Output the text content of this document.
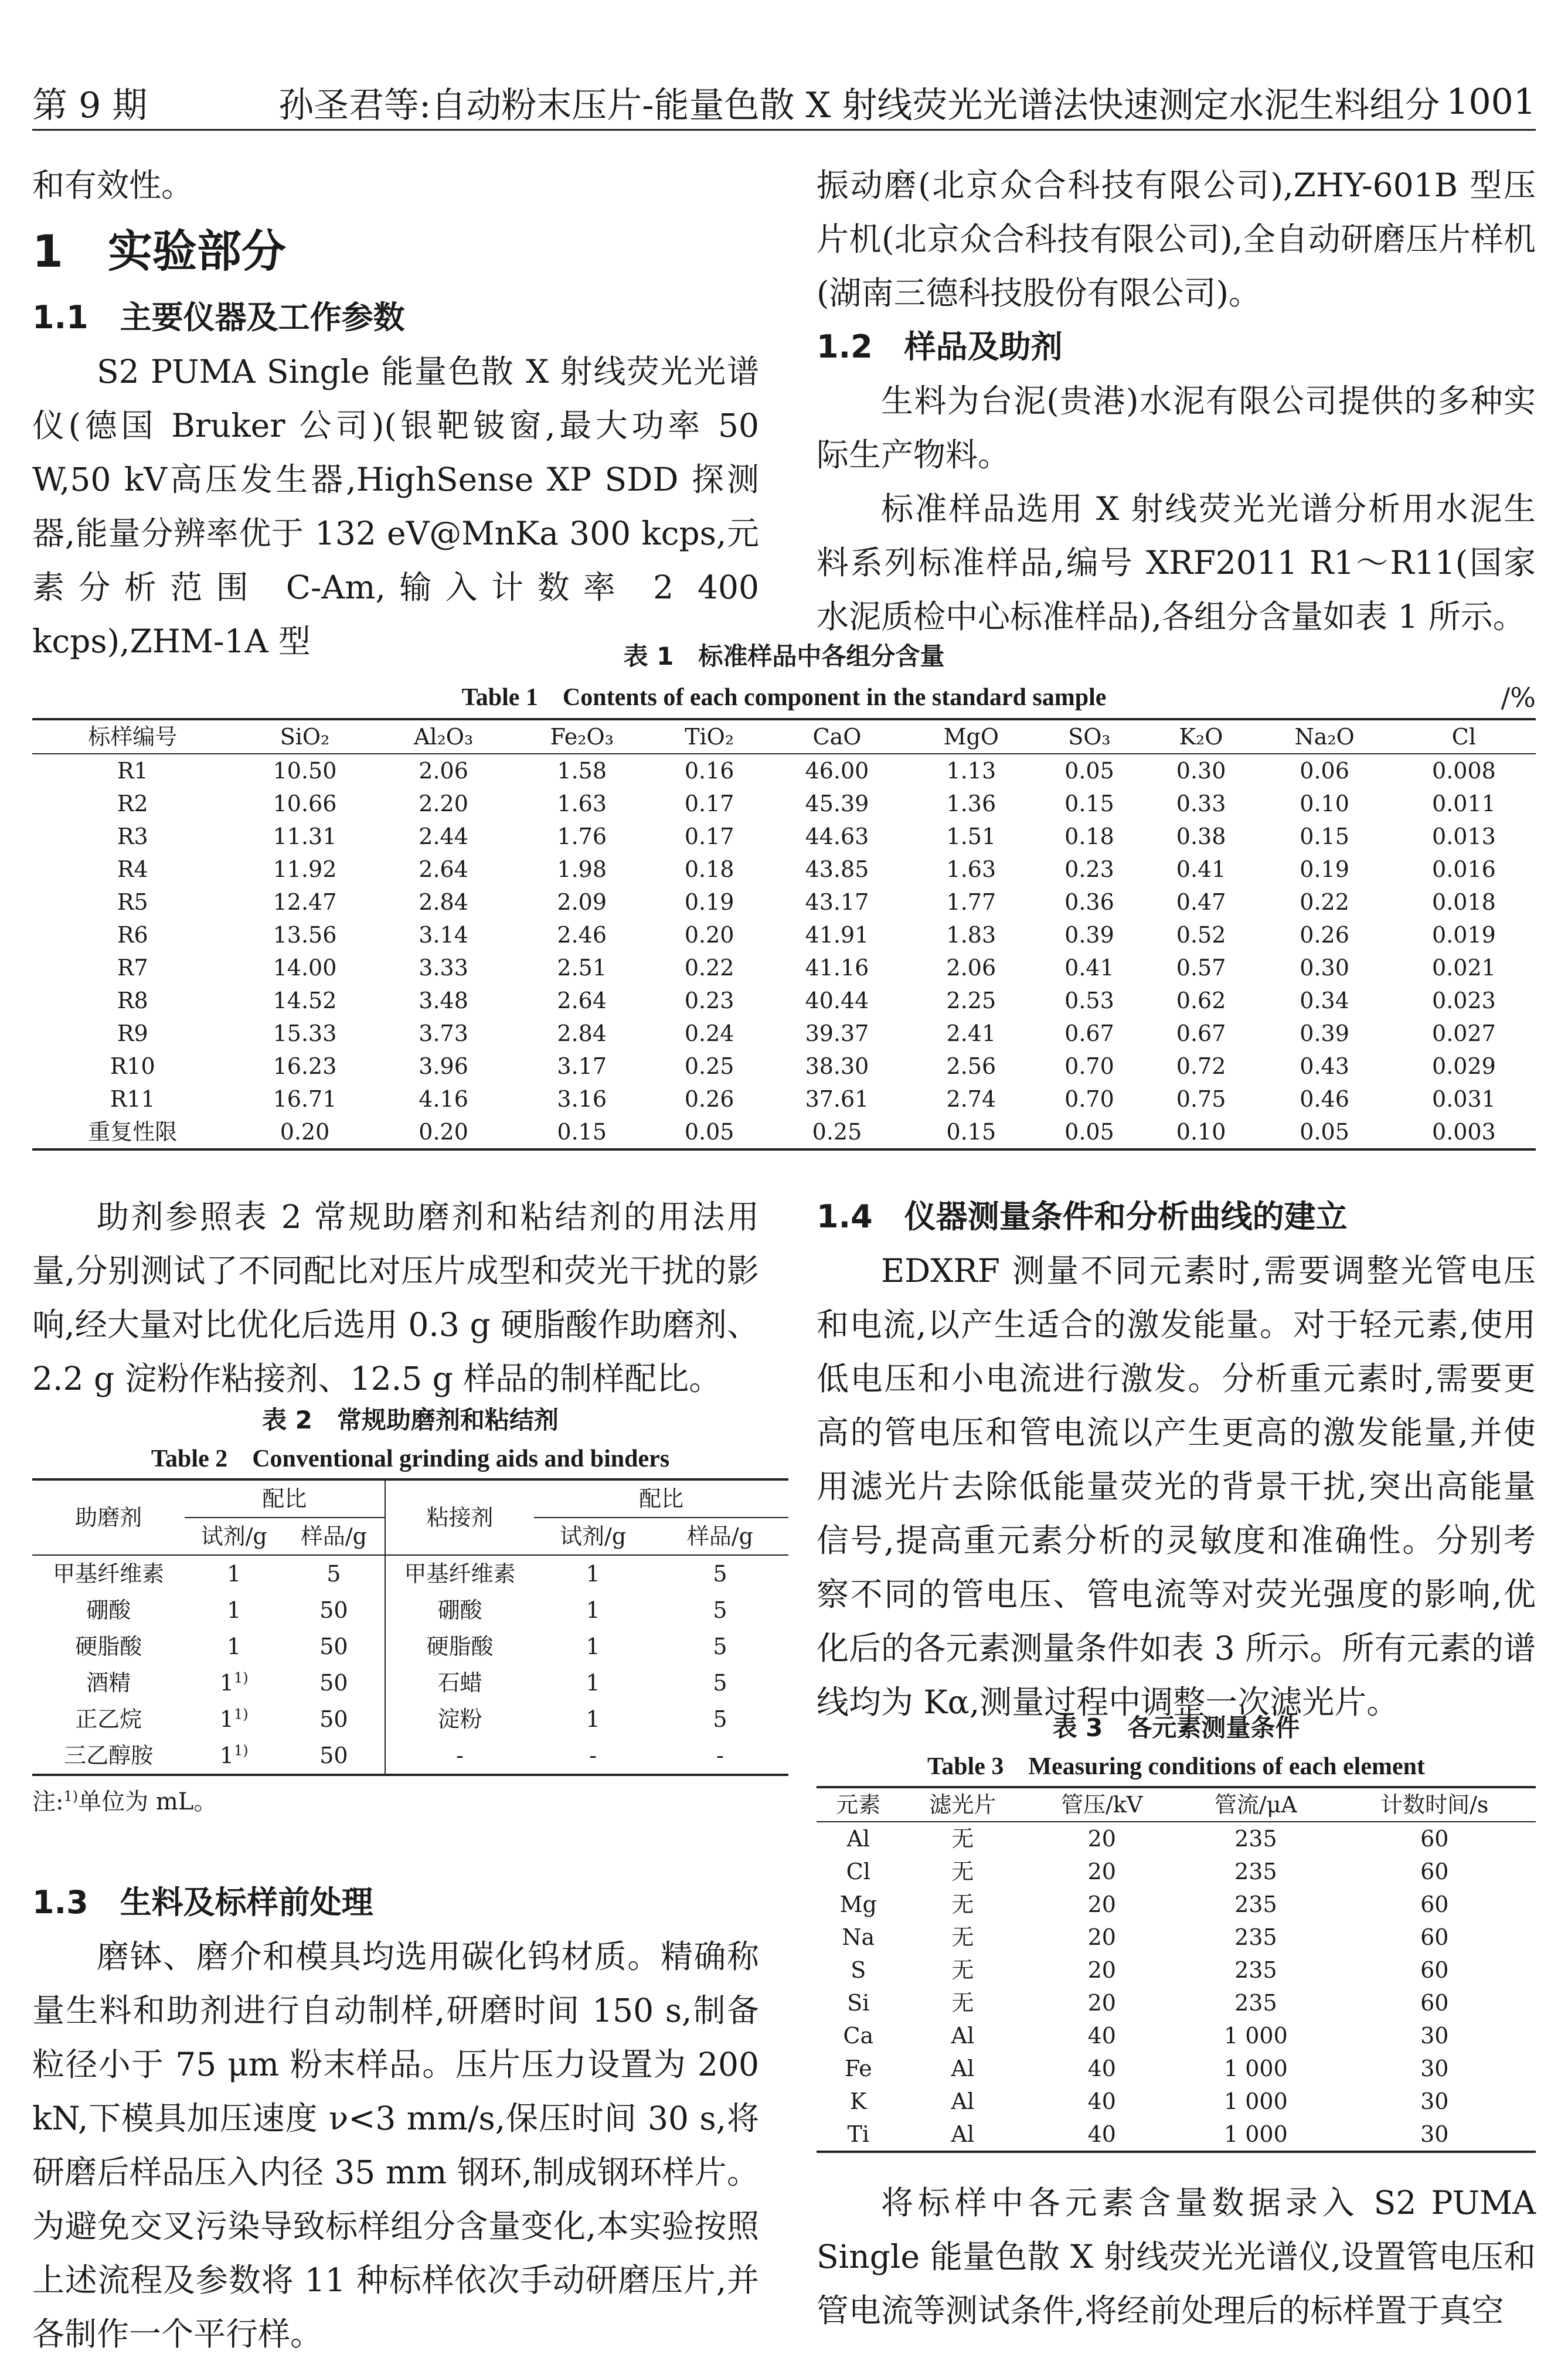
第 9 期	孙圣君等:自动粉末压片-能量色散 X 射线荧光光谱法快速测定水泥生料组分 1001

和有效性。

1　实验部分
1.1　主要仪器及工作参数

S2 PUMA Single 能量色散 X 射线荧光光谱仪(德国 Bruker 公司)(银靶铍窗,最大功率 50 W,50 kV高压发生器,HighSense XP SDD 探测器,能量分辨率优于 132 eV@MnKa 300 kcps,元素分析范围 C-Am,输入计数率 2 400 kcps),ZHM-1A 型

振动磨(北京众合科技有限公司),ZHY-601B 型压片机(北京众合科技有限公司),全自动研磨压片样机(湖南三德科技股份有限公司)。

1.2　样品及助剂

生料为台泥(贵港)水泥有限公司提供的多种实际生产物料。

标准样品选用 X 射线荧光光谱分析用水泥生料系列标准样品,编号 XRF2011 R1～R11(国家水泥质检中心标准样品),各组分含量如表 1 所示。

表 1　标准样品中各组分含量
Table 1　Contents of each component in the standard sample	/%
标样编号	SiO₂	Al₂O₃	Fe₂O₃	TiO₂	CaO	MgO	SO₃	K₂O	Na₂O	Cl
R1	10.50	2.06	1.58	0.16	46.00	1.13	0.05	0.30	0.06	0.008
R2	10.66	2.20	1.63	0.17	45.39	1.36	0.15	0.33	0.10	0.011
R3	11.31	2.44	1.76	0.17	44.63	1.51	0.18	0.38	0.15	0.013
R4	11.92	2.64	1.98	0.18	43.85	1.63	0.23	0.41	0.19	0.016
R5	12.47	2.84	2.09	0.19	43.17	1.77	0.36	0.47	0.22	0.018
R6	13.56	3.14	2.46	0.20	41.91	1.83	0.39	0.52	0.26	0.019
R7	14.00	3.33	2.51	0.22	41.16	2.06	0.41	0.57	0.30	0.021
R8	14.52	3.48	2.64	0.23	40.44	2.25	0.53	0.62	0.34	0.023
R9	15.33	3.73	2.84	0.24	39.37	2.41	0.67	0.67	0.39	0.027
R10	16.23	3.96	3.17	0.25	38.30	2.56	0.70	0.72	0.43	0.029
R11	16.71	4.16	3.16	0.26	37.61	2.74	0.70	0.75	0.46	0.031
重复性限	0.20	0.20	0.15	0.05	0.25	0.15	0.05	0.10	0.05	0.003

助剂参照表 2 常规助磨剂和粘结剂的用法用量,分别测试了不同配比对压片成型和荧光干扰的影响,经大量对比优化后选用 0.3 g 硬脂酸作助磨剂、2.2 g 淀粉作粘接剂、12.5 g 样品的制样配比。

表 2　常规助磨剂和粘结剂
Table 2　Conventional grinding aids and binders
助磨剂	配比		粘接剂	配比	
	试剂/g	样品/g		试剂/g	样品/g
甲基纤维素	1	5	甲基纤维素	1	5
硼酸	1	50	硼酸	1	5
硬脂酸	1	50	硬脂酸	1	5
酒精	1$^{1)}$	50	石蜡	1	5
正乙烷	1$^{1)}$	50	淀粉	1	5
三乙醇胺	1$^{1)}$	50	-	-	-
注:$^{1)}$单位为 mL。
1.3　生料及标样前处理

磨钵、磨介和模具均选用碳化钨材质。精确称量生料和助剂进行自动制样,研磨时间 150 s,制备粒径小于 75 μm 粉末样品。压片压力设置为 200 kN,下模具加压速度 ν<3 mm/s,保压时间 30 s,将研磨后样品压入内径 35 mm 钢环,制成钢环样片。为避免交叉污染导致标样组分含量变化,本实验按照上述流程及参数将 11 种标样依次手动研磨压片,并各制作一个平行样。

1.4　仪器测量条件和分析曲线的建立

EDXRF 测量不同元素时,需要调整光管电压和电流,以产生适合的激发能量。对于轻元素,使用低电压和小电流进行激发。分析重元素时,需要更高的管电压和管电流以产生更高的激发能量,并使用滤光片去除低能量荧光的背景干扰,突出高能量信号,提高重元素分析的灵敏度和准确性。分别考察不同的管电压、管电流等对荧光强度的影响,优化后的各元素测量条件如表 3 所示。所有元素的谱线均为 Kα,测量过程中调整一次滤光片。

表 3　各元素测量条件
Table 3　Measuring conditions of each element
元素	滤光片	管压/kV	管流/μA	计数时间/s
Al	无	20	235	60
Cl	无	20	235	60
Mg	无	20	235	60
Na	无	20	235	60
S	无	20	235	60
Si	无	20	235	60
Ca	Al	40	1 000	30
Fe	Al	40	1 000	30
K	Al	40	1 000	30
Ti	Al	40	1 000	30

将标样中各元素含量数据录入 S2 PUMA Single 能量色散 X 射线荧光光谱仪,设置管电压和管电流等测试条件,将经前处理后的标样置于真空
